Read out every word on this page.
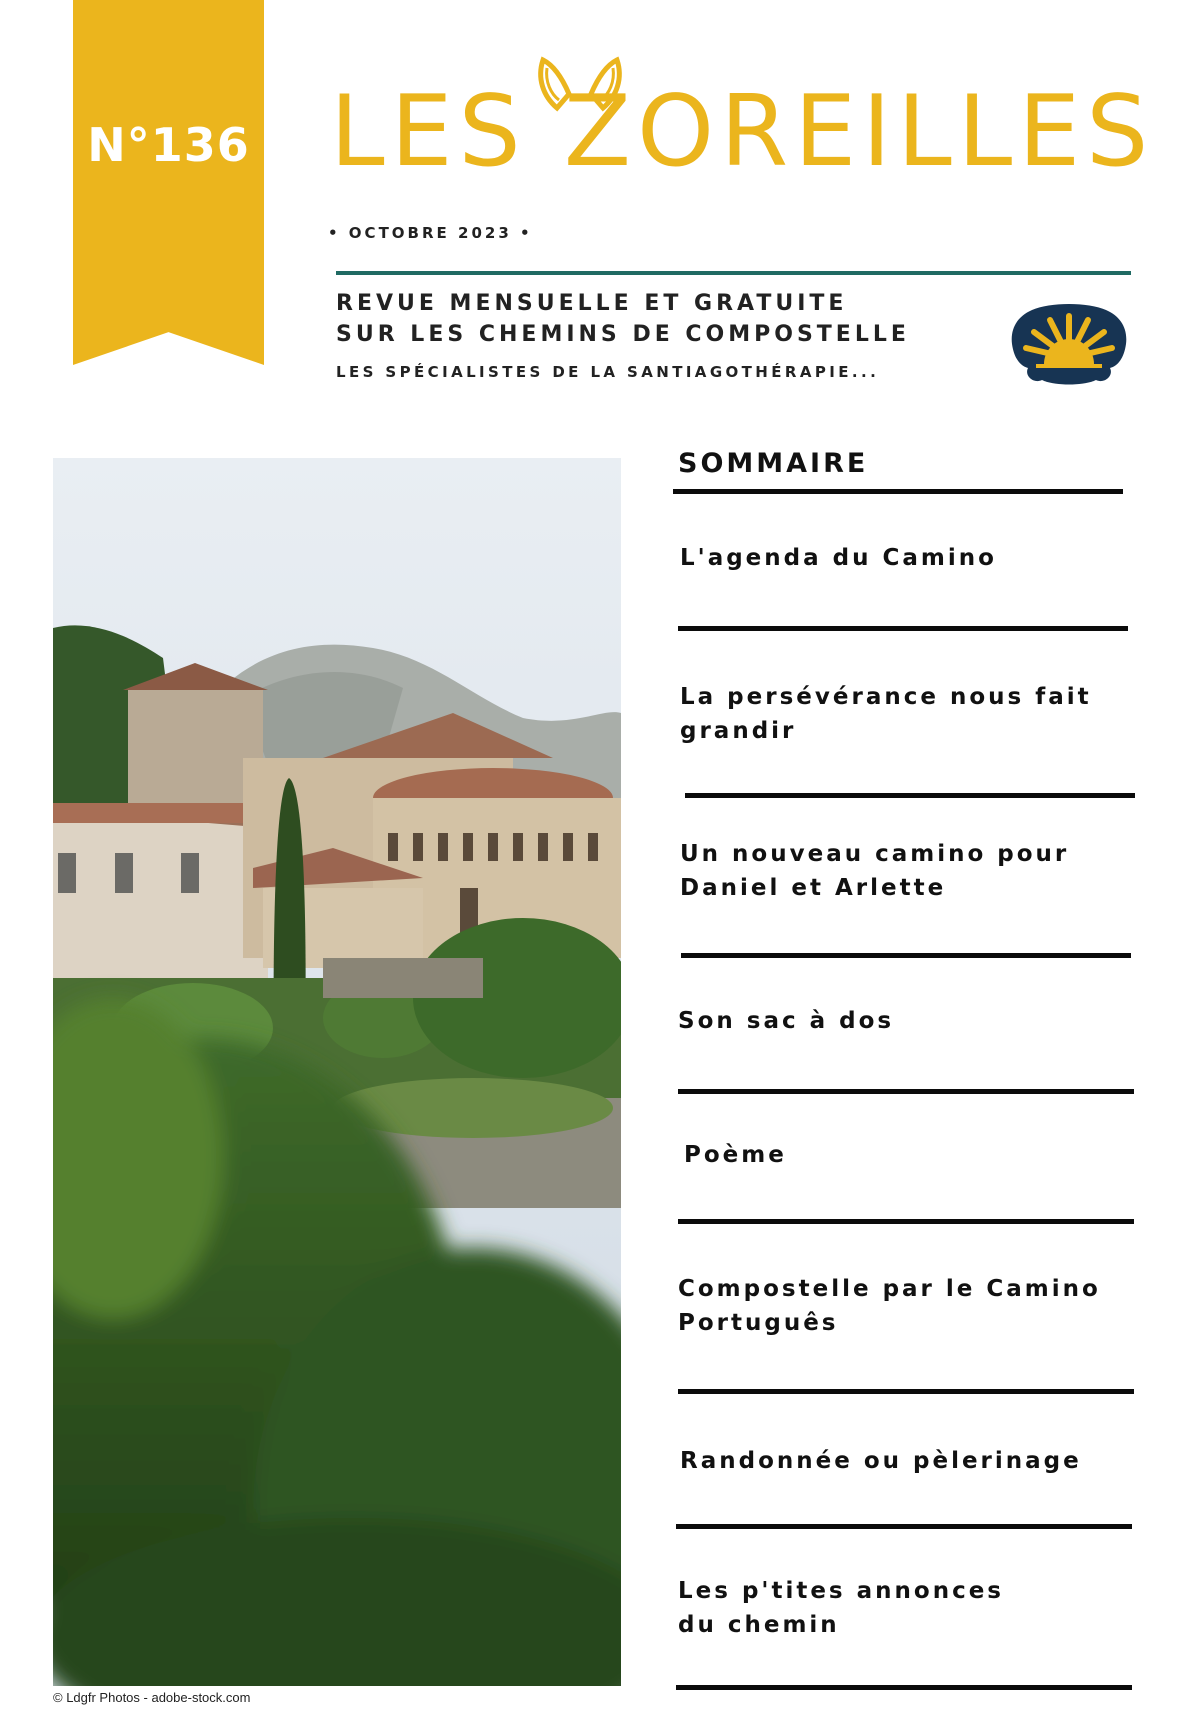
N°136 LES ZOREILLES
• OCTOBRE 2023 •
REVUE MENSUELLE ET GRATUITE
SUR LES CHEMINS DE COMPOSTELLE
LES SPÉCIALISTES DE LA SANTIAGOTHÉRAPIE...
© Ldgfr Photos - adobe-stock.com
SOMMAIRE
L'agenda du Camino
La persévérance nous fait grandir
Un nouveau camino pour Daniel et Arlette
Son sac à dos
Poème
Compostelle par le Camino Português
Randonnée ou pèlerinage
Les p'tites annonces du chemin
